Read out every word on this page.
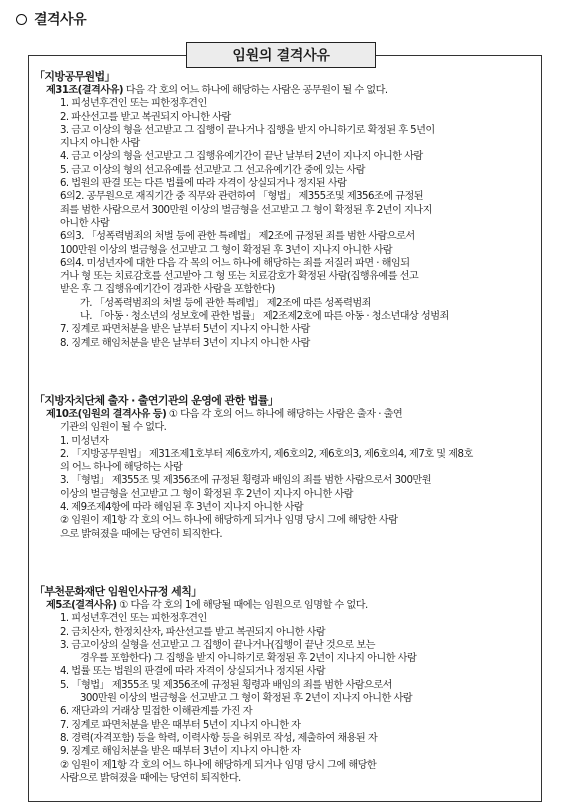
결격사유
임원의 결격사유
「지방공무원법」
제31조(결격사유) 다음 각 호의 어느 하나에 해당하는 사람은 공무원이 될 수 없다.
1. 피성년후견인 또는 피한정후견인
2. 파산선고를 받고 복권되지 아니한 사람
3. 금고 이상의 형을 선고받고 그 집행이 끝나거나 집행을 받지 아니하기로 확정된 후 5년이
지나지 아니한 사람
4. 금고 이상의 형을 선고받고 그 집행유예기간이 끝난 날부터 2년이 지나지 아니한 사람
5. 금고 이상의 형의 선고유예를 선고받고 그 선고유예기간 중에 있는 사람
6. 법원의 판결 또는 다른 법률에 따라 자격이 상실되거나 정지된 사람
6의2. 공무원으로 재직기간 중 직무와 관련하여 「형법」 제355조및 제356조에 규정된
죄를 범한 사람으로서 300만원 이상의 벌금형을 선고받고 그 형이 확정된 후 2년이 지나지
아니한 사람
6의3. 「성폭력범죄의 처벌 등에 관한 특례법」 제2조에 규정된 죄를 범한 사람으로서
100만원 이상의 벌금형을 선고받고 그 형이 확정된 후 3년이 지나지 아니한 사람
6의4. 미성년자에 대한 다음 각 목의 어느 하나에 해당하는 죄를 저질러 파면 · 해임되
거나 형 또는 치료감호를 선고받아 그 형 또는 치료감호가 확정된 사람(집행유예를 선고
받은 후 그 집행유예기간이 경과한 사람을 포함한다)
가. 「성폭력범죄의 처벌 등에 관한 특례법」 제2조에 따른 성폭력범죄
나. 「아동 · 청소년의 성보호에 관한 법률」 제2조제2호에 따른 아동 · 청소년대상 성범죄
7. 징계로 파면처분을 받은 날부터 5년이 지나지 아니한 사람
8. 징계로 해임처분을 받은 날부터 3년이 지나지 아니한 사람
「지방자치단체 출자 · 출연기관의 운영에 관한 법률」
제10조(임원의 결격사유 등) ① 다음 각 호의 어느 하나에 해당하는 사람은 출자 · 출연
기관의 임원이 될 수 없다.
1. 미성년자
2. 「지방공무원법」 제31조제1호부터 제6호까지, 제6호의2, 제6호의3, 제6호의4, 제7호 및 제8호
의 어느 하나에 해당하는 사람
3. 「형법」 제355조 및 제356조에 규정된 횡령과 배임의 죄를 범한 사람으로서 300만원
이상의 벌금형을 선고받고 그 형이 확정된 후 2년이 지나지 아니한 사람
4. 제9조제4항에 따라 해임된 후 3년이 지나지 아니한 사람
② 임원이 제1항 각 호의 어느 하나에 해당하게 되거나 임명 당시 그에 해당한 사람
으로 밝혀졌을 때에는 당연히 퇴직한다.
「부천문화재단 임원인사규정 세칙」
제5조(결격사유) ① 다음 각 호의 1에 해당될 때에는 임원으로 임명할 수 없다.
1. 피성년후견인 또는 피한정후견인
2. 금치산자, 한정치산자, 파산선고를 받고 복권되지 아니한 사람
3. 금고이상의 실형을 선고받고 그 집행이 끝나거나(집행이 끝난 것으로 보는
경우를 포함한다) 그 집행을 받지 아니하기로 확정된 후 2년이 지나지 아니한 사람
4. 법률 또는 법원의 판결에 따라 자격이 상실되거나 정지된 사람
5. 「형법」 제355조 및 제356조에 규정된 횡령과 배임의 죄를 범한 사람으로서
300만원 이상의 벌금형을 선고받고 그 형이 확정된 후 2년이 지나지 아니한 사람
6. 재단과의 거래상 밀접한 이해관계를 가진 자
7. 징계로 파면처분을 받은 때부터 5년이 지나지 아니한 자
8. 경력(자격포함) 등을 학력, 이력사항 등을 허위로 작성, 제출하여 채용된 자
9. 징계로 해임처분을 받은 때부터 3년이 지나지 아니한 자
② 임원이 제1항 각 호의 어느 하나에 해당하게 되거나 임명 당시 그에 해당한
사람으로 밝혀졌을 때에는 당연히 퇴직한다.
